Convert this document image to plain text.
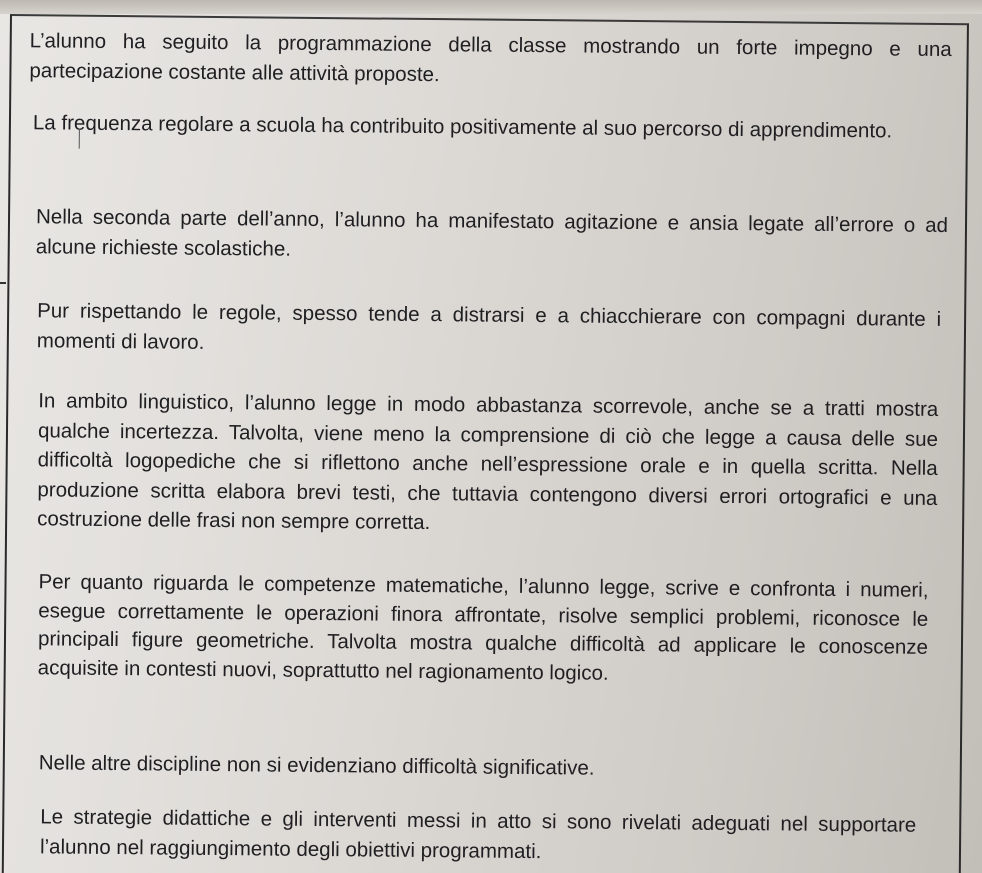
L’alunno ha seguito la programmazione della classe mostrando un forte impegno e una partecipazione costante alle attività proposte.

La frequenza regolare a scuola ha contribuito positivamente al suo percorso di apprendimento.

Nella seconda parte dell’anno, l’alunno ha manifestato agitazione e ansia legate all’errore o ad alcune richieste scolastiche.

Pur rispettando le regole, spesso tende a distrarsi e a chiacchierare con compagni durante i momenti di lavoro.

In ambito linguistico, l’alunno legge in modo abbastanza scorrevole, anche se a tratti mostra qualche incertezza. Talvolta, viene meno la comprensione di ciò che legge a causa delle sue difficoltà logopediche che si riflettono anche nell’espressione orale e in quella scritta. Nella produzione scritta elabora brevi testi, che tuttavia contengono diversi errori ortografici e una costruzione delle frasi non sempre corretta.

Per quanto riguarda le competenze matematiche, l’alunno legge, scrive e confronta i numeri, esegue correttamente le operazioni finora affrontate, risolve semplici problemi, riconosce le principali figure geometriche. Talvolta mostra qualche difficoltà ad applicare le conoscenze acquisite in contesti nuovi, soprattutto nel ragionamento logico.

Nelle altre discipline non si evidenziano difficoltà significative.

Le strategie didattiche e gli interventi messi in atto si sono rivelati adeguati nel supportare l’alunno nel raggiungimento degli obiettivi programmati.
